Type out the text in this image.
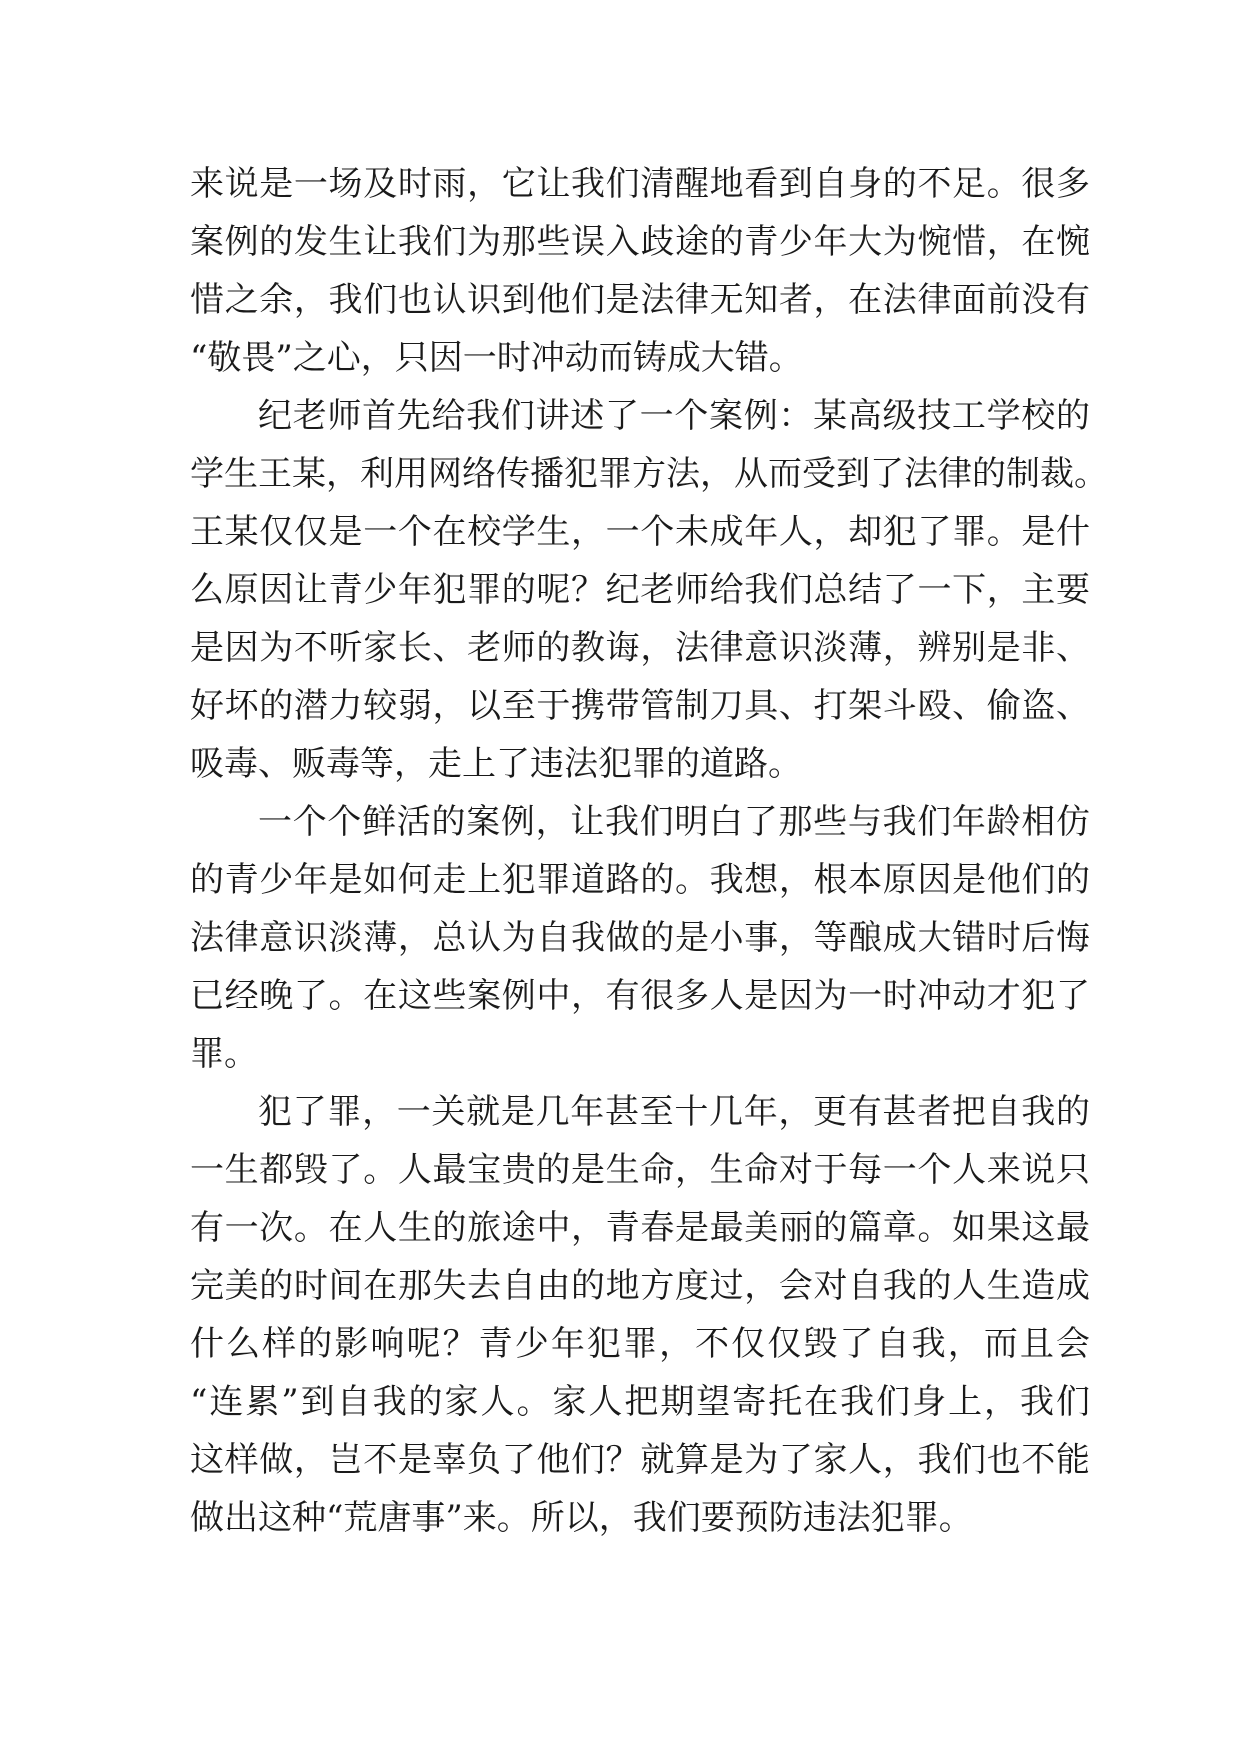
来说是一场及时雨，它让我们清醒地看到自身的不足。很多
案例的发生让我们为那些误入歧途的青少年大为惋惜，在惋
惜之余，我们也认识到他们是法律无知者，在法律面前没有
“敬畏”之心，只因一时冲动而铸成大错。
纪老师首先给我们讲述了一个案例：某高级技工学校的
学生王某，利用网络传播犯罪方法，从而受到了法律的制裁。
王某仅仅是一个在校学生，一个未成年人，却犯了罪。是什
么原因让青少年犯罪的呢？纪老师给我们总结了一下，主要
是因为不听家长、老师的教诲，法律意识淡薄，辨别是非、
好坏的潜力较弱，以至于携带管制刀具、打架斗殴、偷盗、
吸毒、贩毒等，走上了违法犯罪的道路。
一个个鲜活的案例，让我们明白了那些与我们年龄相仿
的青少年是如何走上犯罪道路的。我想，根本原因是他们的
法律意识淡薄，总认为自我做的是小事，等酿成大错时后悔
已经晚了。在这些案例中，有很多人是因为一时冲动才犯了
罪。
犯了罪，一关就是几年甚至十几年，更有甚者把自我的
一生都毁了。人最宝贵的是生命，生命对于每一个人来说只
有一次。在人生的旅途中，青春是最美丽的篇章。如果这最
完美的时间在那失去自由的地方度过，会对自我的人生造成
什么样的影响呢？青少年犯罪，不仅仅毁了自我，而且会
“连累”到自我的家人。家人把期望寄托在我们身上，我们
这样做，岂不是辜负了他们？就算是为了家人，我们也不能
做出这种“荒唐事”来。所以，我们要预防违法犯罪。
